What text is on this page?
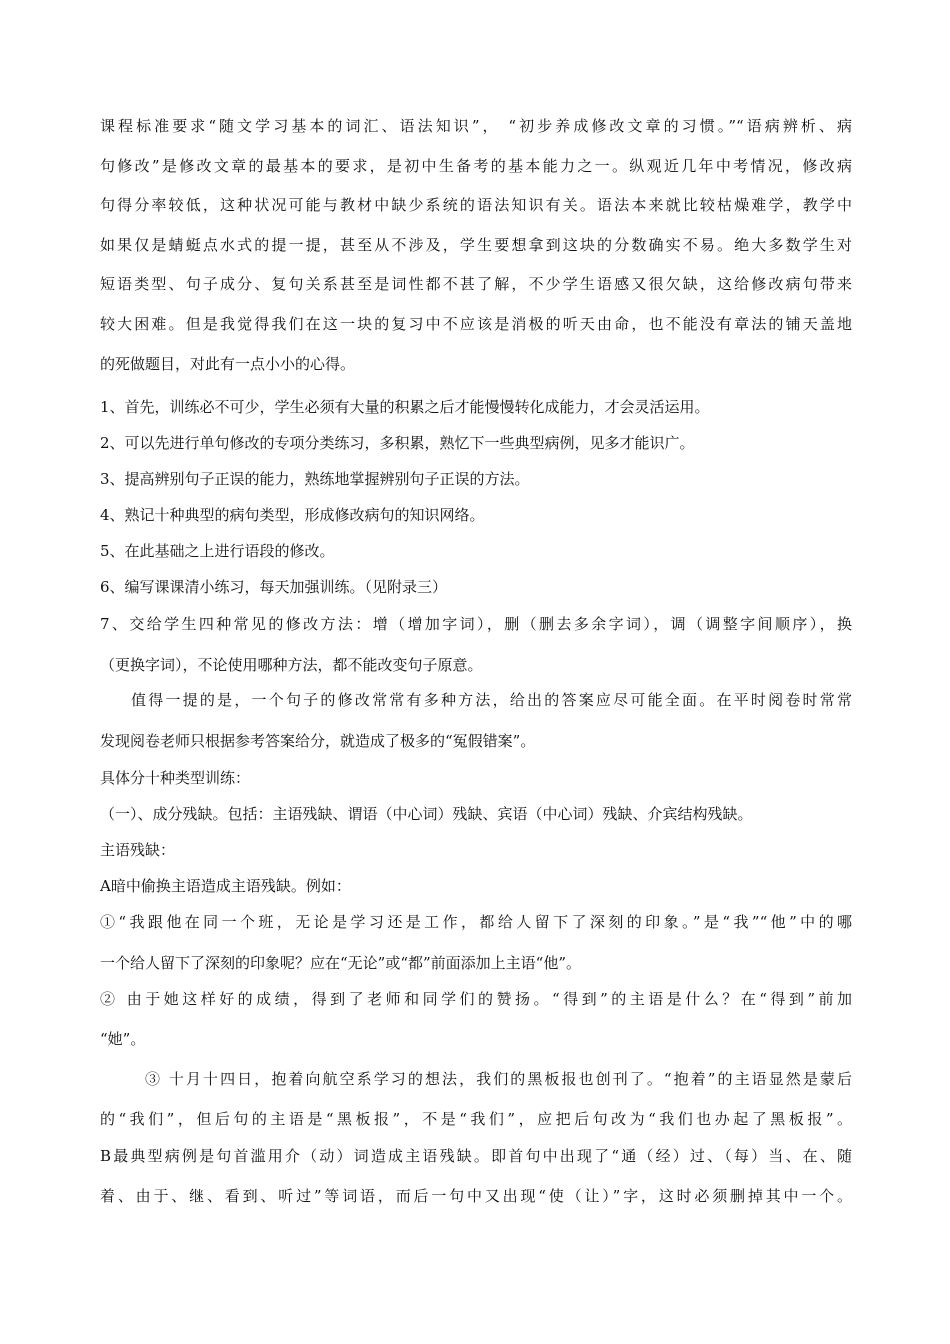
课程标准要求“随文学习基本的词汇、语法知识”， “初步养成修改文章的习惯。”“语病辨析、病
句修改”是修改文章的最基本的要求，是初中生备考的基本能力之一。纵观近几年中考情况，修改病
句得分率较低，这种状况可能与教材中缺少系统的语法知识有关。语法本来就比较枯燥难学，教学中
如果仅是蜻蜓点水式的提一提，甚至从不涉及，学生要想拿到这块的分数确实不易。绝大多数学生对
短语类型、句子成分、复句关系甚至是词性都不甚了解，不少学生语感又很欠缺，这给修改病句带来
较大困难。但是我觉得我们在这一块的复习中不应该是消极的听天由命，也不能没有章法的铺天盖地
的死做题目，对此有一点小小的心得。
1、首先，训练必不可少，学生必须有大量的积累之后才能慢慢转化成能力，才会灵活运用。
2、可以先进行单句修改的专项分类练习，多积累，熟忆下一些典型病例，见多才能识广。
3、提高辨别句子正误的能力，熟练地掌握辨别句子正误的方法。
4、熟记十种典型的病句类型，形成修改病句的知识网络。
5、在此基础之上进行语段的修改。
6、编写课课清小练习，每天加强训练。（见附录三）
7、交给学生四种常见的修改方法：增（增加字词），删（删去多余字词），调（调整字间顺序），换
（更换字词），不论使用哪种方法，都不能改变句子原意。
值得一提的是，一个句子的修改常常有多种方法，给出的答案应尽可能全面。在平时阅卷时常常
发现阅卷老师只根据参考答案给分，就造成了极多的“冤假错案”。
具体分十种类型训练：
（一）、成分残缺。包括：主语残缺、谓语（中心词）残缺、宾语（中心词）残缺、介宾结构残缺。
主语残缺：
A暗中偷换主语造成主语残缺。例如：
①“我跟他在同一个班，无论是学习还是工作，都给人留下了深刻的印象。”是“我”“他”中的哪
一个给人留下了深刻的印象呢？应在“无论”或“都”前面添加上主语“他”。
② 由于她这样好的成绩，得到了老师和同学们的赞扬。“得到”的主语是什么？在“得到”前加
“她”。
③ 十月十四日，抱着向航空系学习的想法，我们的黑板报也创刊了。“抱着”的主语显然是蒙后
的“我们”，但后句的主语是“黑板报”，不是“我们”，应把后句改为“我们也办起了黑板报”。
B最典型病例是句首滥用介（动）词造成主语残缺。即首句中出现了“通（经）过、（每）当、在、随
着、由于、继、看到、听过”等词语，而后一句中又出现“使（让）”字，这时必须删掉其中一个。
